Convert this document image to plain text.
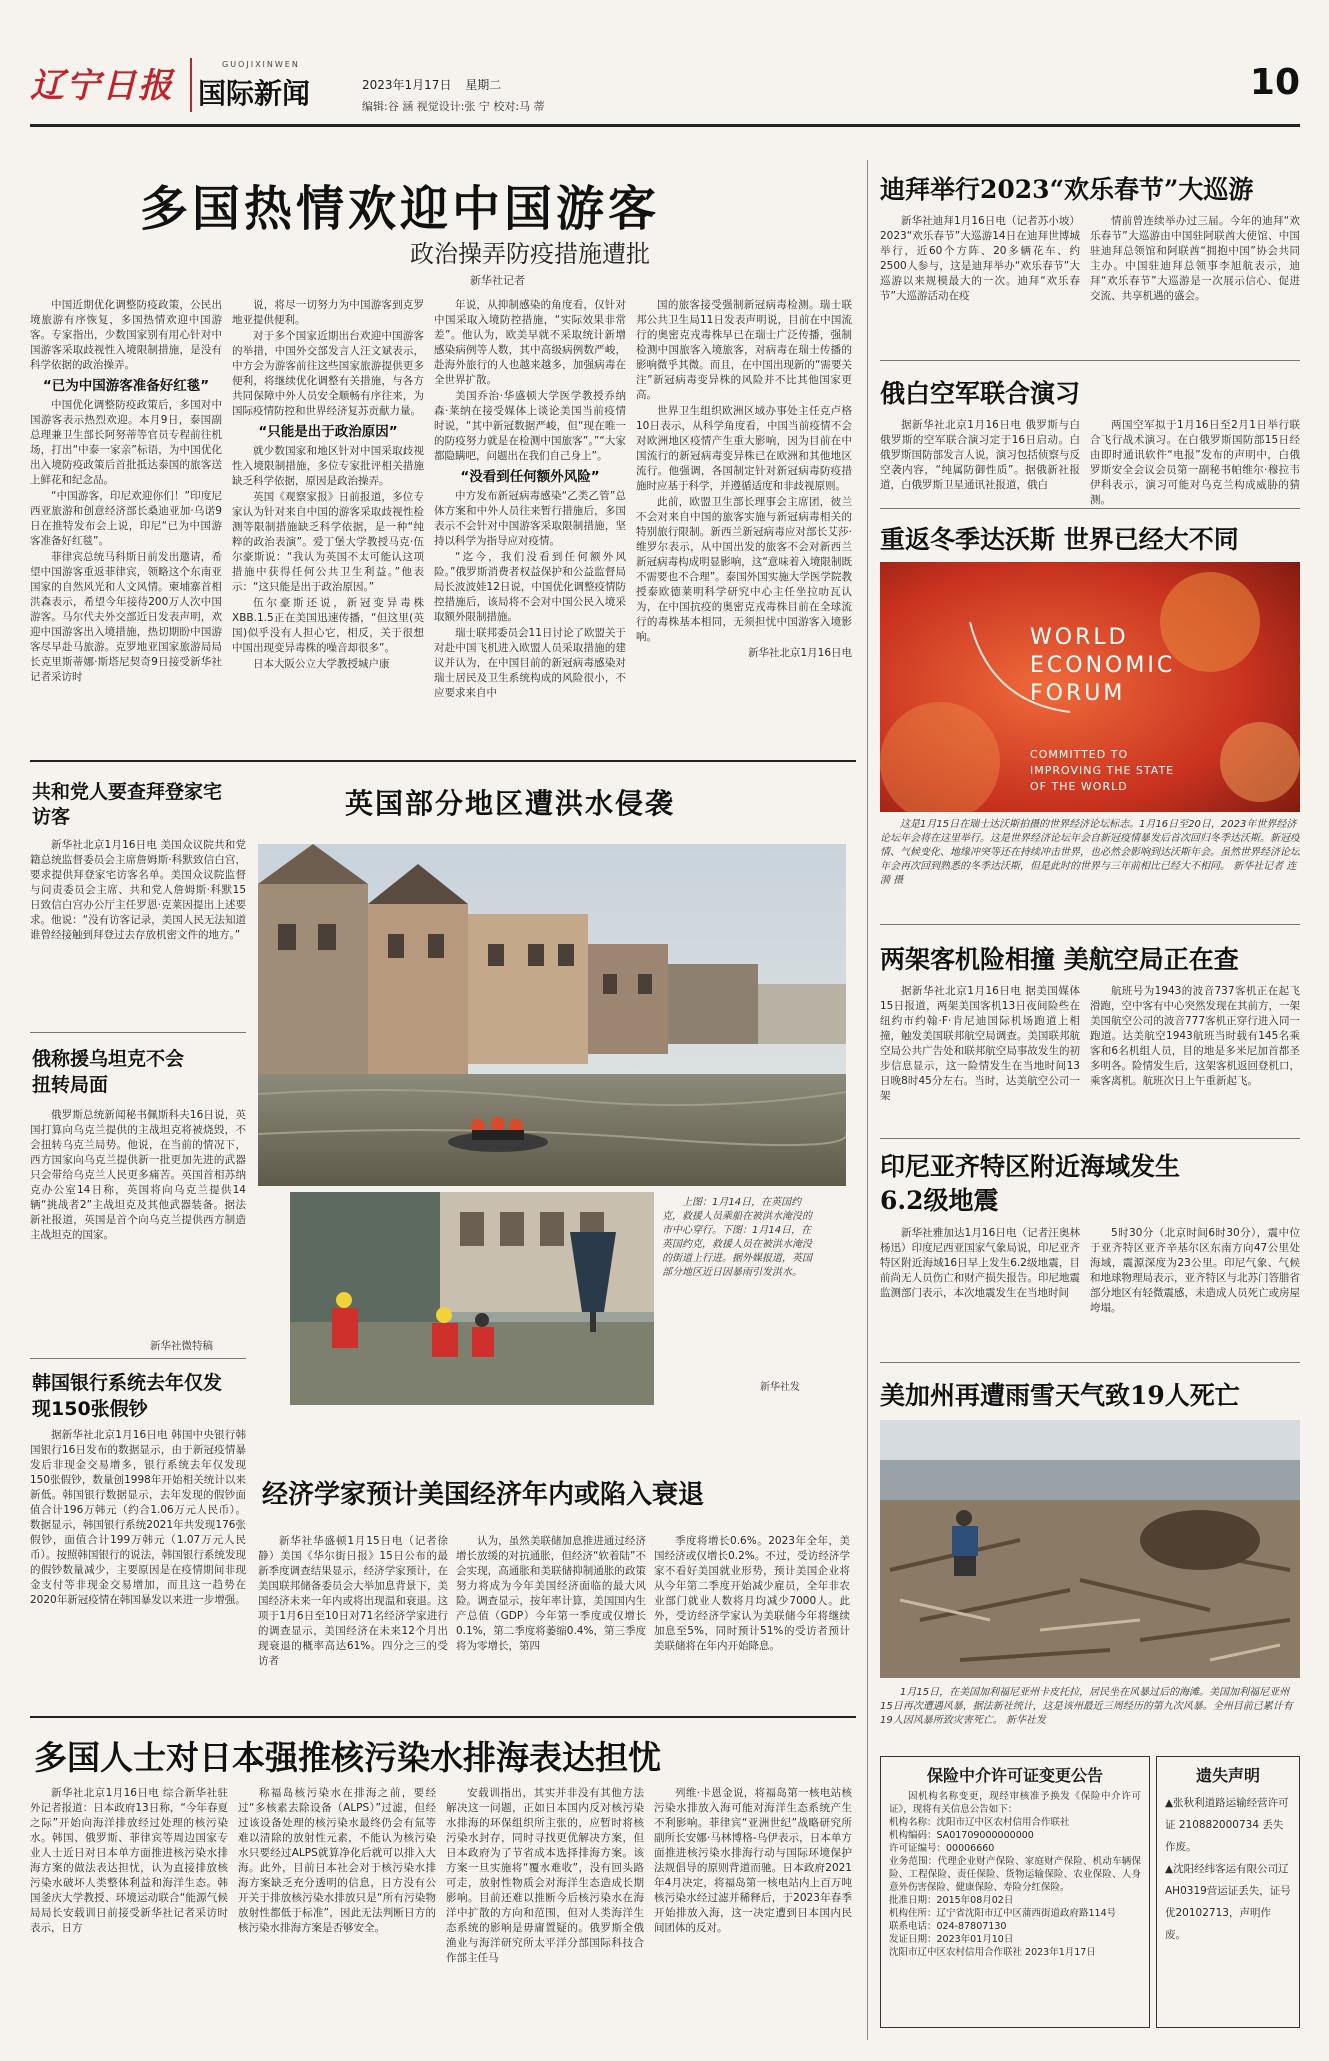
辽宁日报
GUOJIXINWEN
国际新闻	2023年1月17日 星期二
编辑:谷 涵 视觉设计:张 宁 校对:马 蒂
10
多国热情欢迎中国游客
政治操弄防疫措施遭批
新华社记者

中国近期优化调整防疫政策，公民出境旅游有序恢复，多国热情欢迎中国游客。专家指出，少数国家别有用心针对中国游客采取歧视性入境限制措施，是没有科学依据的政治操弄。

“已为中国游客准备好红毯”

中国优化调整防疫政策后，多国对中国游客表示热烈欢迎。本月9日，泰国副总理兼卫生部长阿努蒂等官员专程前往机场，打出“中泰一家亲”标语，为中国优化出入境防疫政策后首批抵达泰国的旅客送上鲜花和纪念品。

“中国游客，印尼欢迎你们！”印度尼西亚旅游和创意经济部长桑迪亚加·乌诺9日在推特发布会上说，印尼“已为中国游客准备好红毯”。

菲律宾总统马科斯日前发出邀请，希望中国游客重返菲律宾，领略这个东南亚国家的自然风光和人文风情。柬埔寨首相洪森表示，希望今年接待200万人次中国游客。马尔代夫外交部近日发表声明，欢迎中国游客出入境措施，热切期盼中国游客尽早赴马旅游。克罗地亚国家旅游局局长克里斯蒂娜·斯塔尼契奇9日接受新华社记者采访时

说，将尽一切努力为中国游客到克罗地亚提供便利。

对于多个国家近期出台欢迎中国游客的举措，中国外交部发言人汪文斌表示，中方会为游客前往这些国家旅游提供更多便利，将继续优化调整有关措施，与各方共同保障中外人员安全顺畅有序往来，为国际疫情防控和世界经济复苏贡献力量。

“只能是出于政治原因”

就少数国家和地区针对中国采取歧视性入境限制措施，多位专家批评相关措施缺乏科学依据，原因是政治操弄。

英国《观察家报》日前报道，多位专家认为针对来自中国的游客采取歧视性检测等限制措施缺乏科学依据，是一种“纯粹的政治表演”。爱丁堡大学教授马克·伍尔豪斯说：“我认为英国不太可能认这项措施中获得任何公共卫生利益。”他表示：“这只能是出于政治原因。”

伍尔豪斯还说，新冠变异毒株XBB.1.5正在美国迅速传播，“但这里(英国)似乎没有人担心它，相反，关于很想中国出现变异毒株的噪音却很多”。

日本大阪公立大学教授城户康

年说，从抑制感染的角度看，仅针对中国采取入境防控措施，“实际效果非常差”。他认为，欧美早就不采取统计新增感染病例等人数，其中高级病例数严峻，赴海外旅行的人也越来越多，加强病毒在全世界扩散。

美国乔治·华盛顿大学医学教授乔纳森·莱纳在接受媒体上谈论美国当前疫情时说，“其中新冠数据严峻，但“现在唯一的防疫努力就是在检测中国旅客”。”“大家都隐瞒吧，问题出在我们自己身上”。

“没看到任何额外风险”

中方发布新冠病毒感染“乙类乙管”总体方案和中外人员往来暂行措施后，多国表示不会针对中国游客采取限制措施，坚持以科学为指导应对疫情。

“迄今，我们没看到任何额外风险。”俄罗斯消费者权益保护和公益监督局局长波波娃12日说，中国优化调整疫情防控措施后，该局将不会对中国公民入境采取额外限制措施。

瑞士联邦委员会11日讨论了欧盟关于对赴中国飞机进入欧盟人员采取措施的建议并认为，在中国目前的新冠病毒感染对瑞士居民及卫生系统构成的风险很小，不应要求来自中

国的旅客接受强制新冠病毒检测。瑞士联邦公共卫生局11日发表声明说，目前在中国流行的奥密克戎毒株早已在瑞士广泛传播，强制检测中国旅客入境旅客，对病毒在瑞士传播的影响微乎其微。而且，在中国出现新的“需要关注”新冠病毒变异株的风险并不比其他国家更高。

世界卫生组织欧洲区域办事处主任克卢格10日表示，从科学角度看，中国当前疫情不会对欧洲地区疫情产生重大影响，因为目前在中国流行的新冠病毒变异株已在欧洲和其他地区流行。他强调，各国制定针对新冠病毒防疫措施时应基于科学，并遵循适度和非歧视原则。

此前，欧盟卫生部长理事会主席团，彼兰不会对来自中国的旅客实施与新冠病毒相关的特别旅行限制。新西兰新冠病毒应对部长艾莎·维罗尔表示，从中国出发的旅客不会对新西兰新冠病毒构成明显影响，这“意味着入境限制既不需要也不合理”。泰国外国实施大学医学院教授泰欧德莱明科学研究中心主任坐拉叻瓦认为，在中国抗疫的奥密克戎毒株目前在全球流行的毒株基本相同，无须担忧中国游客入境影响。

新华社北京1月16日电

共和党人要查拜登家宅访客
新华社北京1月16日电 美国众议院共和党籍总统监督委员会主席詹姆斯·科默致信白宫，要求提供拜登家宅访客名单。美国众议院监督与问责委员会主席、共和党人詹姆斯·科默15日致信白宫办公厅主任罗恩·克莱因提出上述要求。他说：“没有访客记录，美国人民无法知道谁曾经接触到拜登过去存放机密文件的地方。”
俄称援乌坦克不会扭转局面
俄罗斯总统新闻秘书佩斯科夫16日说，英国打算向乌克兰提供的主战坦克将被烧毁，不会扭转乌克兰局势。他说，在当前的情况下，西方国家向乌克兰提供新一批更加先进的武器只会带给乌克兰人民更多痛苦。英国首相苏纳克办公室14日称，英国将向乌克兰提供14辆“挑战者2”主战坦克及其他武器装备。据法新社报道，英国是首个向乌克兰提供西方制造主战坦克的国家。
新华社微特稿
韩国银行系统去年仅发现150张假钞
据新华社北京1月16日电 韩国中央银行韩国银行16日发布的数据显示，由于新冠疫情暴发后非现金交易增多，银行系统去年仅发现150张假钞，数量创1998年开始相关统计以来新低。韩国银行数据显示，去年发现的假钞面值合计196万韩元（约合1.06万元人民币）。数据显示，韩国银行系统2021年共发现176张假钞，面值合计199万韩元（1.07万元人民币）。按照韩国银行的说法，韩国银行系统发现的假钞数量减少，主要原因是在疫情期间非现金支付等非现金交易增加，而且这一趋势在2020年新冠疫情在韩国暴发以来进一步增强。
英国部分地区遭洪水侵袭
上图：1月14日，在英国约克，救援人员乘船在被洪水淹没的市中心穿行。下图：1月14日，在英国约克，救援人员在被洪水淹没的街道上行进。据外媒报道，英国部分地区近日因暴雨引发洪水。
新华社发
经济学家预计美国经济年内或陷入衰退
新华社华盛顿1月15日电（记者徐静）美国《华尔街日报》15日公布的最新季度调查结果显示，经济学家预计，在美国联邦储备委员会大举加息背景下，美国经济未来一年内或将出现温和衰退。这项于1月6日至10日对71名经济学家进行的调查显示，美国经济在未来12个月出现衰退的概率高达61%。四分之三的受访者
认为，虽然美联储加息推进通过经济增长放缓的对抗通胀，但经济“软着陆”不会实现，高通胀和美联储抑制通胀的政策努力将成为今年美国经济面临的最大风险。调查显示，按年率计算，美国国内生产总值（GDP）今年第一季度或仅增长0.1%，第二季度将萎缩0.4%，第三季度将为零增长，第四
季度将增长0.6%。2023年全年，美国经济或仅增长0.2%。不过，受访经济学家不看好美国就业形势，预计美国企业将从今年第二季度开始减少雇员，全年非农业部门就业人数将月均减少7000人。此外，受访经济学家认为美联储今年将继续加息至5%，同时预计51%的受访者预计美联储将在年内开始降息。
多国人士对日本强推核污染水排海表达担忧
新华社北京1月16日电 综合新华社驻外记者报道：日本政府13日称，“今年春夏之际”开始向海洋排放经过处理的核污染水。韩国、俄罗斯、菲律宾等周边国家专业人士近日对日本单方面推进核污染水排海方案的做法表达担忧，认为直接排放核污染水破坏人类整体利益和海洋生态。韩国釜庆大学教授、环境运动联合“能源气候局局长安载训日前接受新华社记者采访时表示，日方
称福岛核污染水在排海之前，要经过“多核素去除设备（ALPS）”过滤，但经过该设备处理的核污染水最终仍会有氚等难以清除的放射性元素，不能认为核污染水只要经过ALPS就算净化后就可以排入大海。此外，目前日本社会对于核污染水排海方案缺乏充分透明的信息，日方没有公开关于排放核污染水排放只是“所有污染物放射性都低于标准”，因此无法判断日方的核污染水排海方案是否够安全。
安载训指出，其实并非没有其他方法解决这一问题，正如日本国内反对核污染水排海的环保组织所主张的，应暂时将核污染水封存，同时寻找更优解决方案，但日本政府为了节省成本选择排海方案。该方案一旦实施将“覆水难收”，没有回头路可走，放射性物质会对海洋生态造成长期影响。目前还难以推断今后核污染水在海洋中扩散的方向和范围，但对人类海洋生态系统的影响是毋庸置疑的。俄罗斯全俄渔业与海洋研究所太平洋分部国际科技合作部主任马
列维·卡恩金说，将福岛第一核电站核污染水排放入海可能对海洋生态系统产生不利影响。菲律宾“亚洲世纪”战略研究所副所长安娜·马林博格-乌伊表示，日本单方面推进核污染水排海行动与国际环境保护法规倡导的原则背道而驰。日本政府2021年4月决定，将福岛第一核电站内上百万吨核污染水经过滤并稀释后，于2023年春季开始排放入海，这一决定遭到日本国内民间团体的反对。
迪拜举行2023“欢乐春节”大巡游
新华社迪拜1月16日电（记者苏小坡）2023“欢乐春节”大巡游14日在迪拜世博城举行，近60个方阵、20多辆花车、约2500人参与，这是迪拜举办“欢乐春节”大巡游以来规模最大的一次。迪拜“欢乐春节”大巡游活动在疫
情前曾连续举办过三届。今年的迪拜“欢乐春节”大巡游由中国驻阿联酋大使馆、中国驻迪拜总领馆和阿联酋“拥抱中国”协会共同主办。中国驻迪拜总领事李旭航表示，迪拜“欢乐春节”大巡游是一次展示信心、促进交流、共享机遇的盛会。
俄白空军联合演习
据新华社北京1月16日电 俄罗斯与白俄罗斯的空军联合演习定于16日启动。白俄罗斯国防部发言人说，演习包括侦察与反空袭内容，“纯属防御性质”。据俄新社报道，白俄罗斯卫星通讯社报道，俄白
两国空军拟于1月16日至2月1日举行联合飞行战术演习。在白俄罗斯国防部15日经由即时通讯软件“电报”发布的声明中，白俄罗斯安全会议会员第一副秘书帕维尔·穆拉韦伊科表示，演习可能对乌克兰构成威胁的猜测。
重返冬季达沃斯 世界已经大不同
WORLD
ECONOMIC
FORUM
COMMITTED TO
IMPROVING THE STATE
OF THE WORLD
这是1月15日在瑞士达沃斯拍摄的世界经济论坛标志。1月16日至20日，2023年世界经济论坛年会将在这里举行。这是世界经济论坛年会自新冠疫情暴发后首次回归冬季达沃斯。新冠疫情、气候变化、地缘冲突等还在持续冲击世界，也必然会影响到达沃斯年会。虽然世界经济论坛年会再次回到熟悉的冬季达沃斯，但是此时的世界与三年前相比已经大不相同。 新华社记者 连 漪 摄
两架客机险相撞 美航空局正在查
据新华社北京1月16日电 据美国媒体15日报道，两架美国客机13日夜间险些在纽约市约翰·F·肯尼迪国际机场跑道上相撞，触发美国联邦航空局调查。美国联邦航空局公共广告处和联邦航空局事故发生的初步信息显示，这一险情发生在当地时间13日晚8时45分左右。当时，达美航空公司一架
航班号为1943的波音737客机正在起飞滑跑，空中客有中心突然发现在其前方，一架美国航空公司的波音777客机正穿行进入同一跑道。达美航空1943航班当时载有145名乘客和6名机组人员，目的地是多米尼加首都圣多明各。险情发生后，这架客机返回登机口，乘客离机。航班次日上午重新起飞。
印尼亚齐特区附近海域发生6.2级地震
新华社雅加达1月16日电（记者汪奥林 杨迅）印度尼西亚国家气象局说，印尼亚齐特区附近海域16日早上发生6.2级地震，目前尚无人员伤亡和财产损失报告。印尼地震监测部门表示，本次地震发生在当地时间
5时30分（北京时间6时30分），震中位于亚齐特区亚齐辛基尔区东南方向47公里处海域，震源深度为23公里。印尼气象、气候和地球物理局表示，亚齐特区与北苏门答腊省部分地区有轻微震感，未造成人员死亡或房屋垮塌。
美加州再遭雨雪天气致19人死亡
1月15日，在美国加利福尼亚州卡皮托拉，居民坐在风暴过后的海滩。美国加利福尼亚州15日再次遭遇风暴，据法新社统计，这是该州最近三周经历的第九次风暴。全州目前已累计有19人因风暴所致灾害死亡。 新华社发
保险中介许可证变更公告
因机构名称变更，现经审核准予换发《保险中介许可证》，现将有关信息公告如下：
机构名称：沈阳市辽中区农村信用合作联社
机构编码：SA01709000000000
许可证编号：00006660
业务范围：代理企业财产保险、家庭财产保险、机动车辆保险、工程保险、责任保险、货物运输保险、农业保险、人身意外伤害保险、健康保险、寿险分红保险。
批准日期：2015年08月02日
机构住所：辽宁省沈阳市辽中区蒲西街道政府路114号
联系电话：024-87807130
发证日期：2023年01月10日
沈阳市辽中区农村信用合作联社 2023年1月17日
遗失声明
▲张秋利道路运输经营许可证 210882000734 丢失作废。
▲沈阳经纬客运有限公司辽AH0319营运证丢失，证号优20102713，声明作废。
